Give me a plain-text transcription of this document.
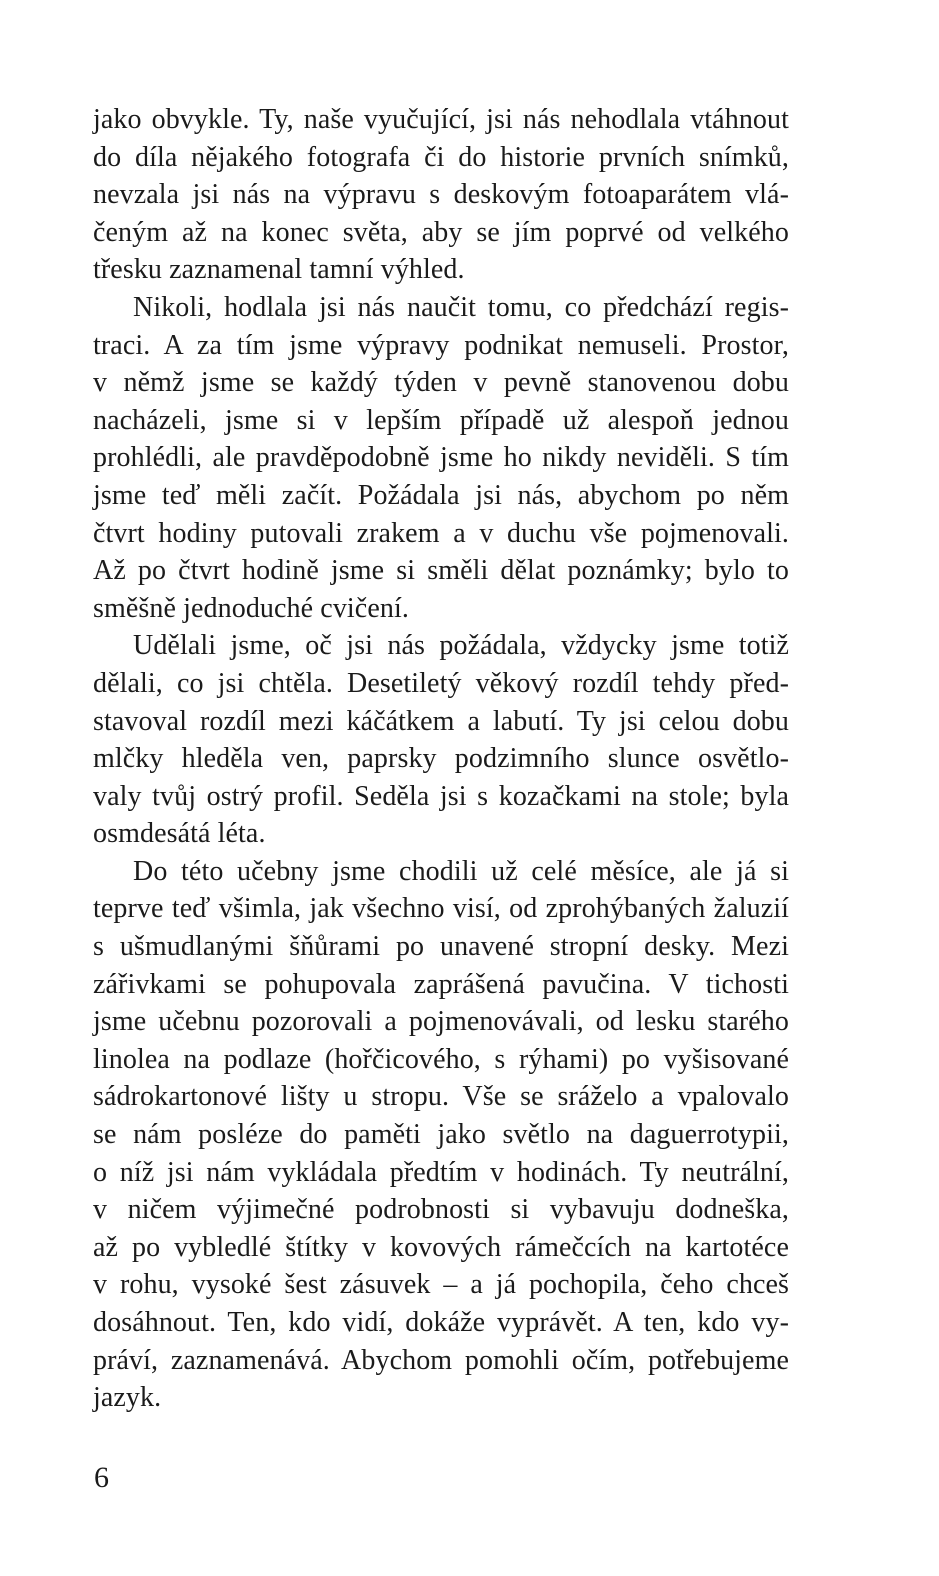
jako obvykle. Ty, naše vyučující, jsi nás nehodlala vtáhnout
do díla nějakého fotografa či do historie prvních snímků,
nevzala jsi nás na výpravu s deskovým fotoaparátem vlá-
čeným až na konec světa, aby se jím poprvé od velkého
třesku zaznamenal tamní výhled.
Nikoli, hodlala jsi nás naučit tomu, co předchází regis-
traci. A za tím jsme výpravy podnikat nemuseli. Prostor,
v němž jsme se každý týden v pevně stanovenou dobu
nacházeli, jsme si v lepším případě už alespoň jednou
prohlédli, ale pravděpodobně jsme ho nikdy neviděli. S tím
jsme teď měli začít. Požádala jsi nás, abychom po něm
čtvrt hodiny putovali zrakem a v duchu vše pojmenovali.
Až po čtvrt hodině jsme si směli dělat poznámky; bylo to
směšně jednoduché cvičení.
Udělali jsme, oč jsi nás požádala, vždycky jsme totiž
dělali, co jsi chtěla. Desetiletý věkový rozdíl tehdy před-
stavoval rozdíl mezi káčátkem a labutí. Ty jsi celou dobu
mlčky hleděla ven, paprsky podzimního slunce osvětlo-
valy tvůj ostrý profil. Seděla jsi s kozačkami na stole; byla
osmdesátá léta.
Do této učebny jsme chodili už celé měsíce, ale já si
teprve teď všimla, jak všechno visí, od zprohýbaných žaluzií
s ušmudlanými šňůrami po unavené stropní desky. Mezi
zářivkami se pohupovala zaprášená pavučina. V tichosti
jsme učebnu pozorovali a pojmenovávali, od lesku starého
linolea na podlaze (hořčicového, s rýhami) po vyšisované
sádrokartonové lišty u stropu. Vše se sráželo a vpalovalo
se nám posléze do paměti jako světlo na daguerrotypii,
o níž jsi nám vykládala předtím v hodinách. Ty neutrální,
v ničem výjimečné podrobnosti si vybavuju dodneška,
až po vybledlé štítky v kovových rámečcích na kartotéce
v rohu, vysoké šest zásuvek – a já pochopila, čeho chceš
dosáhnout. Ten, kdo vidí, dokáže vyprávět. A ten, kdo vy-
práví, zaznamenává. Abychom pomohli očím, potřebujeme
jazyk.
6
